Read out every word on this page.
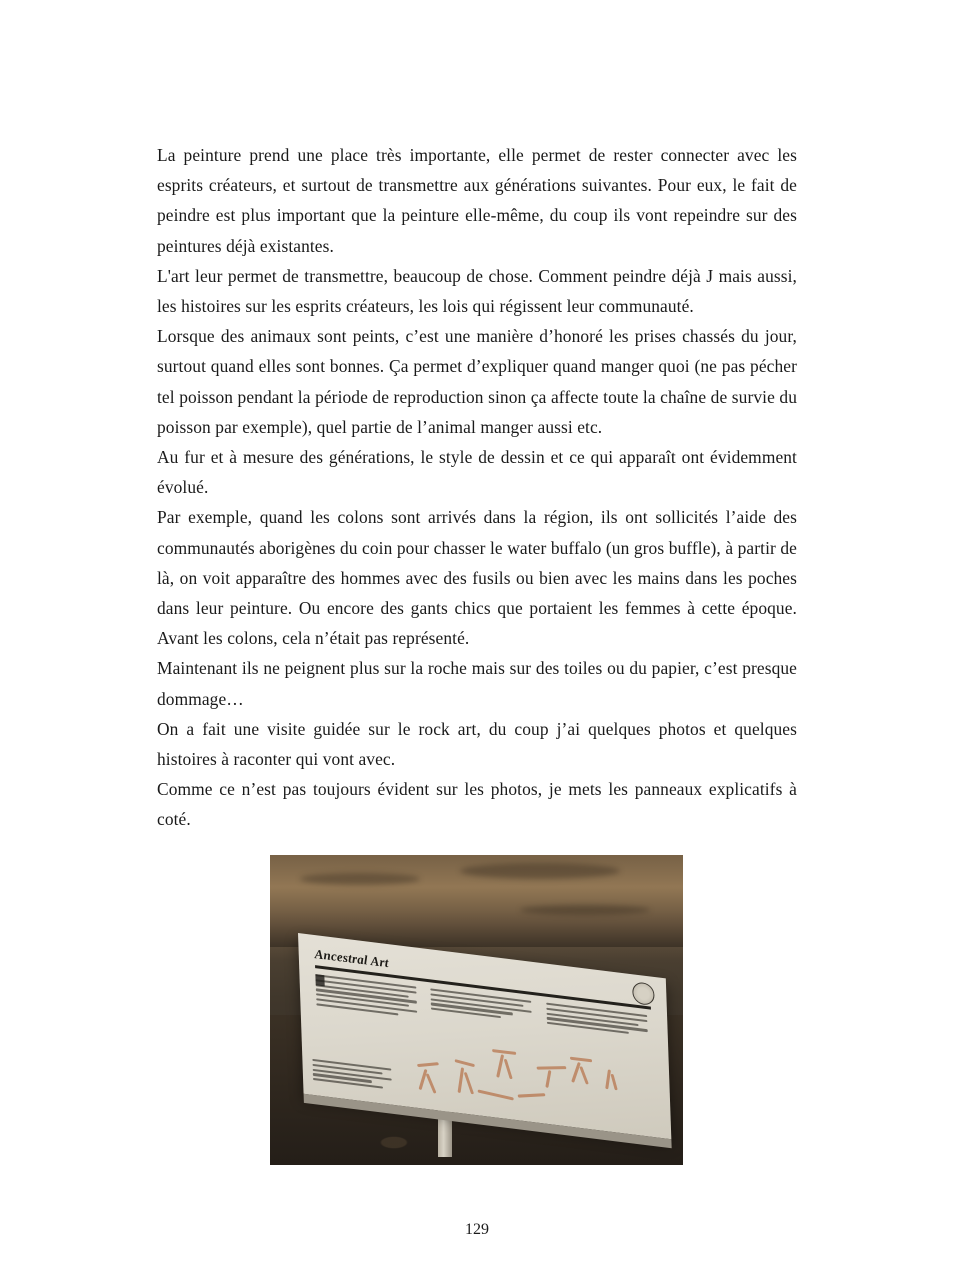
La peinture prend une place très importante, elle permet de rester connecter avec les esprits créateurs, et surtout de transmettre aux générations suivantes. Pour eux, le fait de peindre est plus important que la peinture elle-même, du coup ils vont repeindre sur des peintures déjà existantes.

L'art leur permet de transmettre, beaucoup de chose. Comment peindre déjà J mais aussi, les histoires sur les esprits créateurs, les lois qui régissent leur communauté.

Lorsque des animaux sont peints, c’est une manière d’honoré les prises chassés du jour, surtout quand elles sont bonnes. Ça permet d’expliquer quand manger quoi (ne pas pécher tel poisson pendant la période de reproduction sinon ça affecte toute la chaîne de survie du poisson par exemple), quel partie de l’animal manger aussi etc.

Au fur et à mesure des générations, le style de dessin et ce qui apparaît ont évidemment évolué.

Par exemple, quand les colons sont arrivés dans la région, ils ont sollicités l’aide des communautés aborigènes du coin pour chasser le water buffalo (un gros buffle), à partir de là, on voit apparaître des hommes avec des fusils ou bien avec les mains dans les poches dans leur peinture. Ou encore des gants chics que portaient les femmes à cette époque. Avant les colons, cela n’était pas représenté.

Maintenant ils ne peignent plus sur la roche mais sur des toiles ou du papier, c’est presque dommage…

On a fait une visite guidée sur le rock art, du coup j’ai quelques photos et quelques histoires à raconter qui vont avec.

Comme ce n’est pas toujours évident sur les photos, je mets les panneaux explicatifs à coté.

Ancestral Art
129
